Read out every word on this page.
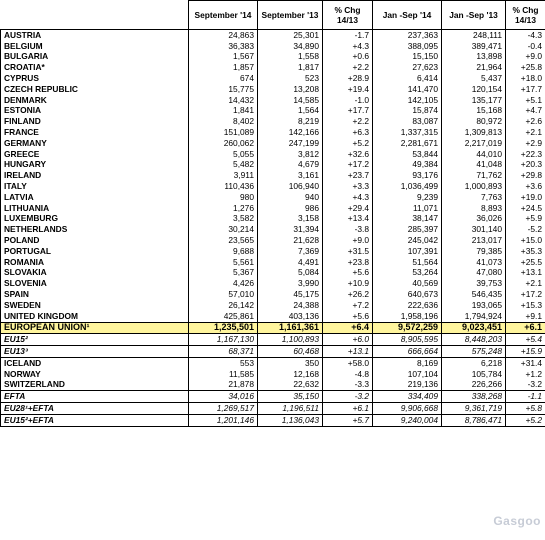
	September '14	September '13	% Chg 14/13	Jan -Sep '14	Jan -Sep '13	% Chg 14/13
AUSTRIA	24,863	25,301	-1.7	237,363	248,111	-4.3
BELGIUM	36,383	34,890	+4.3	388,095	389,471	-0.4
BULGARIA	1,567	1,558	+0.6	15,150	13,898	+9.0
CROATIA*	1,857	1,817	+2.2	27,623	21,964	+25.8
CYPRUS	674	523	+28.9	6,414	5,437	+18.0
CZECH REPUBLIC	15,775	13,208	+19.4	141,470	120,154	+17.7
DENMARK	14,432	14,585	-1.0	142,105	135,177	+5.1
ESTONIA	1,841	1,564	+17.7	15,874	15,168	+4.7
FINLAND	8,402	8,219	+2.2	83,087	80,972	+2.6
FRANCE	151,089	142,166	+6.3	1,337,315	1,309,813	+2.1
GERMANY	260,062	247,199	+5.2	2,281,671	2,217,019	+2.9
GREECE	5,055	3,812	+32.6	53,844	44,010	+22.3
HUNGARY	5,482	4,679	+17.2	49,384	41,048	+20.3
IRELAND	3,911	3,161	+23.7	93,176	71,762	+29.8
ITALY	110,436	106,940	+3.3	1,036,499	1,000,893	+3.6
LATVIA	980	940	+4.3	9,239	7,763	+19.0
LITHUANIA	1,276	986	+29.4	11,071	8,893	+24.5
LUXEMBURG	3,582	3,158	+13.4	38,147	36,026	+5.9
NETHERLANDS	30,214	31,394	-3.8	285,397	301,140	-5.2
POLAND	23,565	21,628	+9.0	245,042	213,017	+15.0
PORTUGAL	9,688	7,369	+31.5	107,391	79,385	+35.3
ROMANIA	5,561	4,491	+23.8	51,564	41,073	+25.5
SLOVAKIA	5,367	5,084	+5.6	53,264	47,080	+13.1
SLOVENIA	4,426	3,990	+10.9	40,569	39,753	+2.1
SPAIN	57,010	45,175	+26.2	640,673	546,435	+17.2
SWEDEN	26,142	24,388	+7.2	222,636	193,065	+15.3
UNITED KINGDOM	425,861	403,136	+5.6	1,958,196	1,794,924	+9.1
EUROPEAN UNION¹	1,235,501	1,161,361	+6.4	9,572,259	9,023,451	+6.1
EU15²	1,167,130	1,100,893	+6.0	8,905,595	8,448,203	+5.4
EU13³	68,371	60,468	+13.1	666,664	575,248	+15.9
ICELAND	553	350	+58.0	8,169	6,218	+31.4
NORWAY	11,585	12,168	-4.8	107,104	105,784	+1.2
SWITZERLAND	21,878	22,632	-3.3	219,136	226,266	-3.2
EFTA	34,016	35,150	-3.2	334,409	338,268	-1.1
EU28¹+EFTA	1,269,517	1,196,511	+6.1	9,906,668	9,361,719	+5.8
EU15²+EFTA	1,201,146	1,136,043	+5.7	9,240,004	8,786,471	+5.2
Gasgoo
